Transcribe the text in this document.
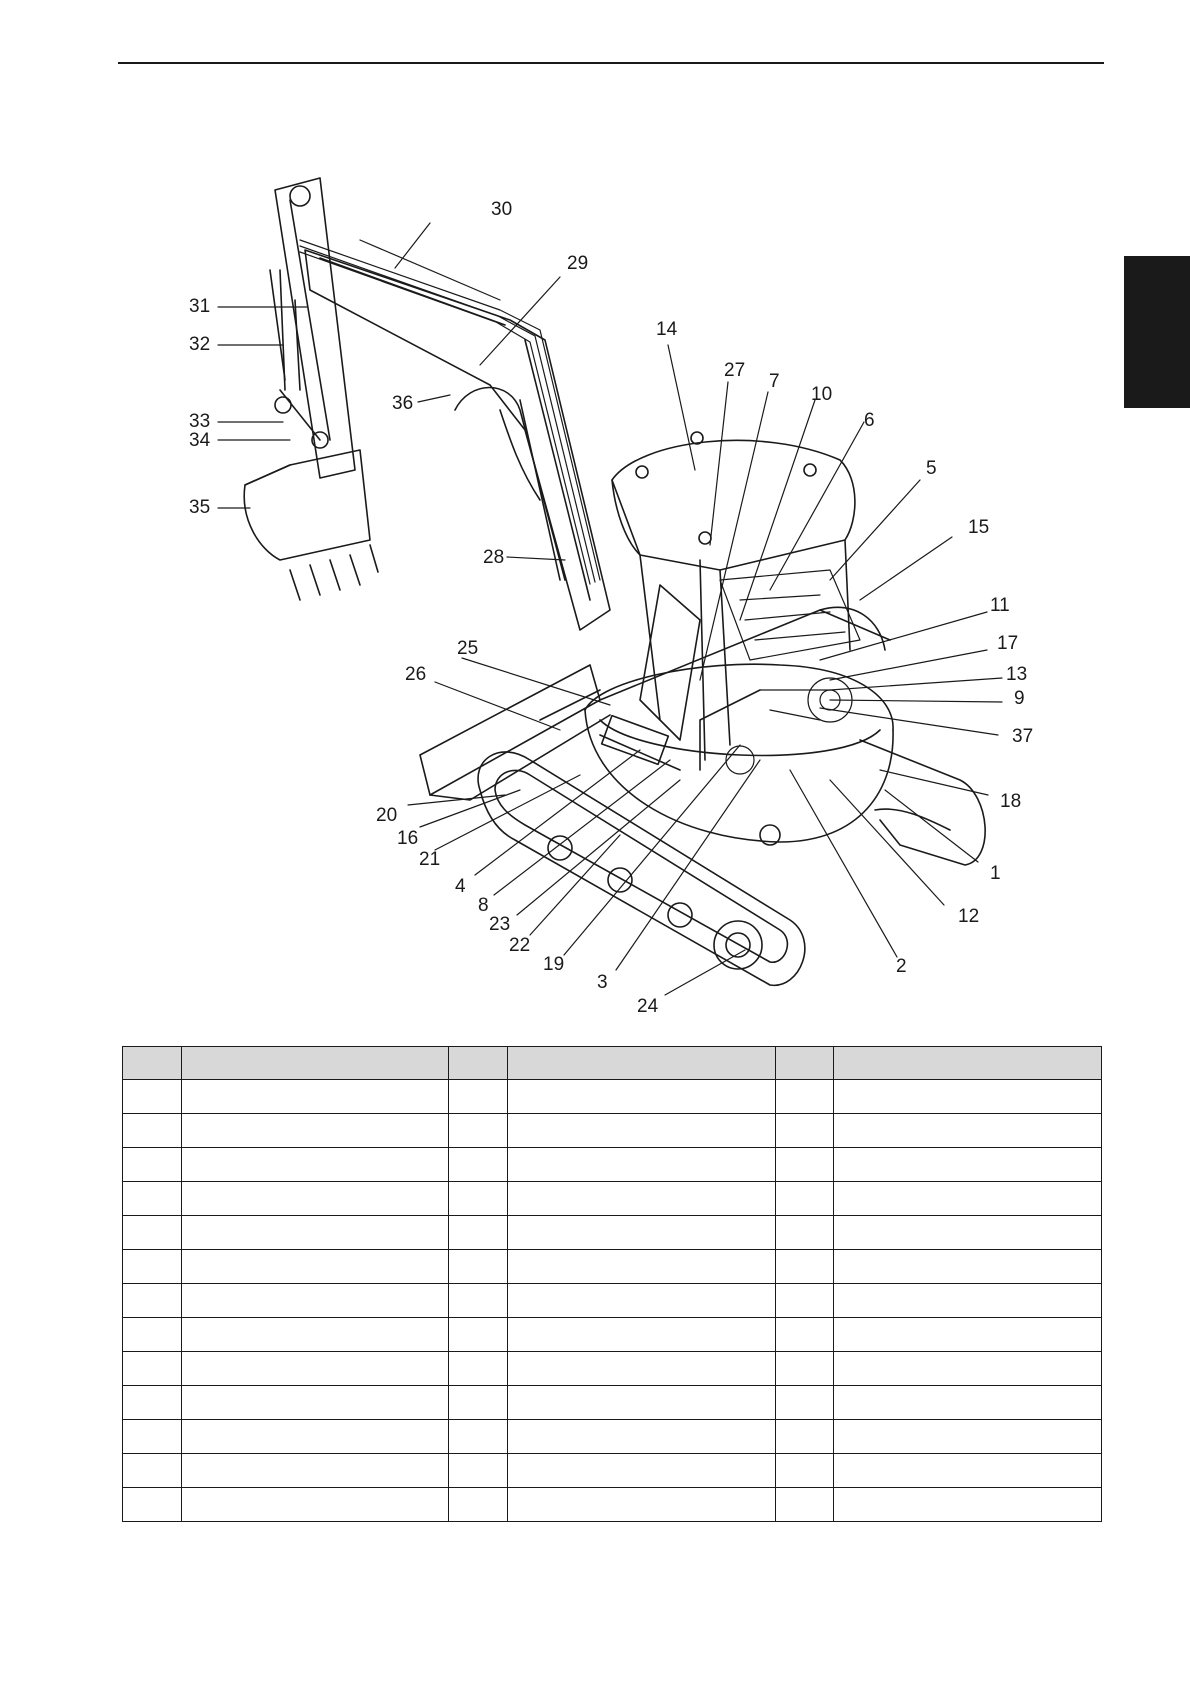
30
29
14
27
7
10
6
5
15
11
17
13
9
37
18
1
12
2
24
3
19
22
23
8
4
21
16
20
26
25
28
36
31
32
33
34
35
